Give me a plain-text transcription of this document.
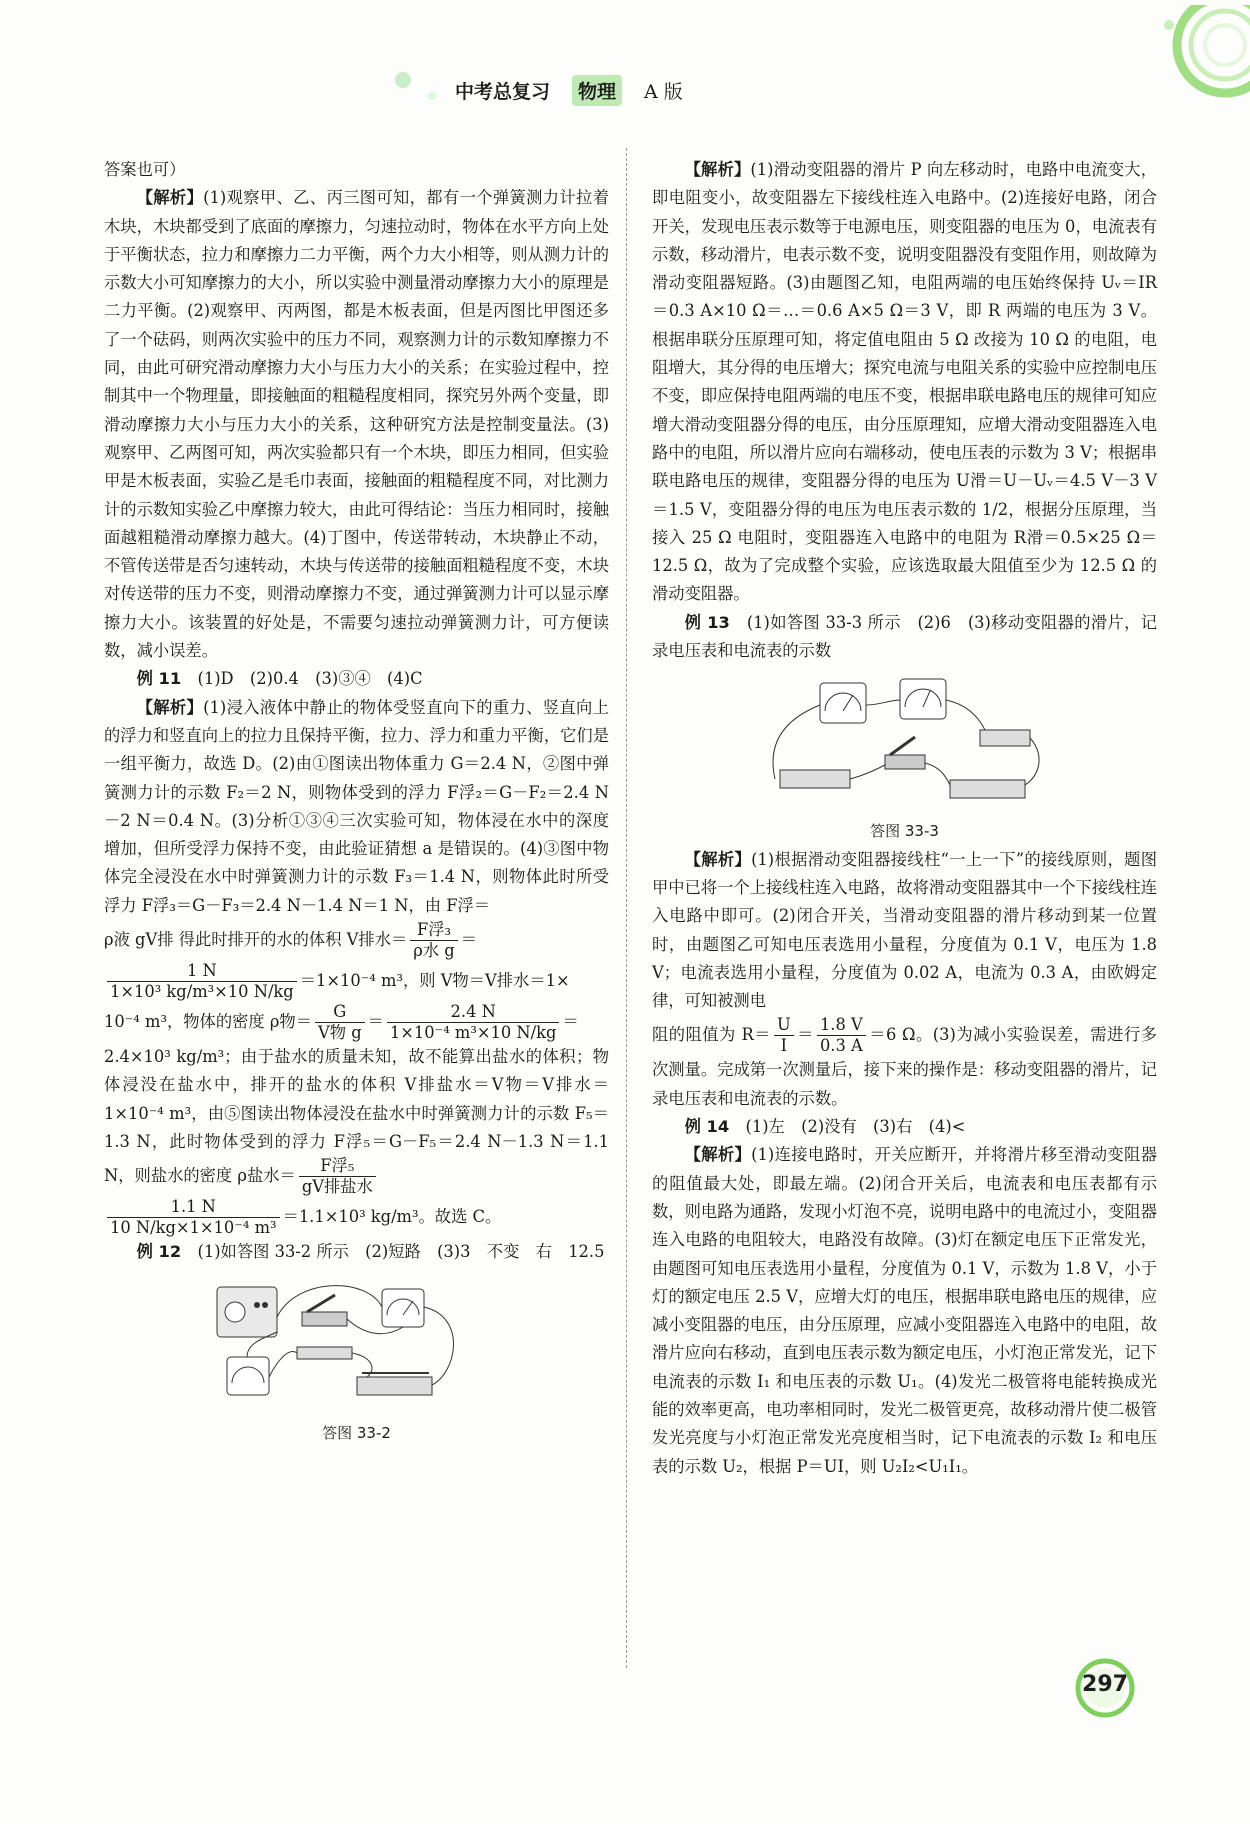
中考总复习	物理	A 版

答案也可）

【解析】(1)观察甲、乙、丙三图可知，都有一个弹簧测力计拉着木块，木块都受到了底面的摩擦力，匀速拉动时，物体在水平方向上处于平衡状态，拉力和摩擦力二力平衡，两个力大小相等，则从测力计的示数大小可知摩擦力的大小，所以实验中测量滑动摩擦力大小的原理是二力平衡。(2)观察甲、丙两图，都是木板表面，但是丙图比甲图还多了一个砝码，则两次实验中的压力不同，观察测力计的示数知摩擦力不同，由此可研究滑动摩擦力大小与压力大小的关系；在实验过程中，控制其中一个物理量，即接触面的粗糙程度相同，探究另外两个变量，即滑动摩擦力大小与压力大小的关系，这种研究方法是控制变量法。(3)观察甲、乙两图可知，两次实验都只有一个木块，即压力相同，但实验甲是木板表面，实验乙是毛巾表面，接触面的粗糙程度不同，对比测力计的示数知实验乙中摩擦力较大，由此可得结论：当压力相同时，接触面越粗糙滑动摩擦力越大。(4)丁图中，传送带转动，木块静止不动，不管传送带是否匀速转动，木块与传送带的接触面粗糙程度不变，木块对传送带的压力不变，则滑动摩擦力不变，通过弹簧测力计可以显示摩擦力大小。该装置的好处是，不需要匀速拉动弹簧测力计，可方便读数，减小误差。

例 11　 (1)D　(2)0.4　(3)③④　(4)C

【解析】(1)浸入液体中静止的物体受竖直向下的重力、竖直向上的浮力和竖直向上的拉力且保持平衡，拉力、浮力和重力平衡，它们是一组平衡力，故选 D。(2)由①图读出物体重力 G＝2.4 N，②图中弹簧测力计的示数 F₂＝2 N，则物体受到的浮力 F浮₂＝G－F₂＝2.4 N－2 N＝0.4 N。(3)分析①③④三次实验可知，物体浸在水中的深度增加，但所受浮力保持不变，由此验证猜想 a 是错误的。(4)③图中物体完全浸没在水中时弹簧测力计的示数 F₃＝1.4 N，则物体此时所受浮力 F浮₃＝G－F₃＝2.4 N－1.4 N＝1 N，由 F浮＝

ρ液 gV排 得此时排开的水的体积 V排水＝ $\frac{\text{F浮₃}}{\text{ρ水 g}}$ ＝

$\frac{1 N}{\text{1×10³ kg/m³×10 N/kg}} =1\times 10^{-4}$ m³，则 V物＝V排水＝1×

10⁻⁴ m³，物体的密度 ρ物＝ $\frac{G}{\text{V物 g}} = \frac{2.4 N}{\text{1×10⁻⁴ m³×10 N/kg}}$ ＝

2.4×10³ kg/m³；由于盐水的质量未知，故不能算出盐水的体积；物体浸没在盐水中，排开的盐水的体积 V排盐水＝V物＝V排水＝1×10⁻⁴ m³，由⑤图读出物体浸没在盐水中时弹簧测力计的示数 F₅＝1.3 N，此时物体受到的浮力 F浮₅＝G－F₅＝2.4 N－1.3 N＝1.1 N，则盐水的密度 ρ盐水＝ $\frac{\text{F浮₅}}{\text{gV排盐水}}$

$\frac{1.1 N}{\text{10 N/kg×1×10⁻⁴ m³}} =1.1\times 10^3$ kg/m³。故选 C。

例 12　 (1)如答图 33-2 所示　(2)短路　(3)3　不变　右　12.5

答图 33-2

【解析】(1)滑动变阻器的滑片 P 向左移动时，电路中电流变大，即电阻变小，故变阻器左下接线柱连入电路中。(2)连接好电路，闭合开关，发现电压表示数等于电源电压，则变阻器的电压为 0，电流表有示数，移动滑片，电表示数不变，说明变阻器没有变阻作用，则故障为滑动变阻器短路。(3)由题图乙知，电阻两端的电压始终保持 Uᵥ＝IR＝0.3 A×10 Ω＝…＝0.6 A×5 Ω＝3 V，即 R 两端的电压为 3 V。根据串联分压原理可知，将定值电阻由 5 Ω 改接为 10 Ω 的电阻，电阻增大，其分得的电压增大；探究电流与电阻关系的实验中应控制电压不变，即应保持电阻两端的电压不变，根据串联电路电压的规律可知应增大滑动变阻器分得的电压，由分压原理知，应增大滑动变阻器连入电路中的电阻，所以滑片应向右端移动，使电压表的示数为 3 V；根据串联电路电压的规律，变阻器分得的电压为 U滑＝U－Uᵥ＝4.5 V－3 V＝1.5 V，变阻器分得的电压为电压表示数的 1/2，根据分压原理，当接入 25 Ω 电阻时，变阻器连入电路中的电阻为 R滑＝0.5×25 Ω＝12.5 Ω，故为了完成整个实验，应该选取最大阻值至少为 12.5 Ω 的滑动变阻器。

例 13　 (1)如答图 33-3 所示　(2)6　(3)移动变阻器的滑片，记录电压表和电流表的示数

答图 33-3

【解析】(1)根据滑动变阻器接线柱“一上一下”的接线原则，题图甲中已将一个上接线柱连入电路，故将滑动变阻器其中一个下接线柱连入电路中即可。(2)闭合开关，当滑动变阻器的滑片移动到某一位置时，由题图乙可知电压表选用小量程，分度值为 0.1 V，电压为 1.8 V；电流表选用小量程，分度值为 0.02 A，电流为 0.3 A，由欧姆定律，可知被测电

阻的阻值为 $R= \frac{U}{I} = \frac{1.8 V}{0.3 A} =6$ Ω。(3)为减小实验误差，需进行多次测量。完成第一次测量后，接下来的操作是：移动变阻器的滑片，记录电压表和电流表的示数。

例 14　 (1)左　(2)没有　(3)右　(4)<

【解析】(1)连接电路时，开关应断开，并将滑片移至滑动变阻器的阻值最大处，即最左端。(2)闭合开关后，电流表和电压表都有示数，则电路为通路，发现小灯泡不亮，说明电路中的电流过小，变阻器连入电路的电阻较大，电路没有故障。(3)灯在额定电压下正常发光，由题图可知电压表选用小量程，分度值为 0.1 V，示数为 1.8 V，小于灯的额定电压 2.5 V，应增大灯的电压，根据串联电路电压的规律，应减小变阻器的电压，由分压原理，应减小变阻器连入电路中的电阻，故滑片应向右移动，直到电压表示数为额定电压，小灯泡正常发光，记下电流表的示数 I₁ 和电压表的示数 U₁。(4)发光二极管将电能转换成光能的效率更高，电功率相同时，发光二极管更亮，故移动滑片使二极管发光亮度与小灯泡正常发光亮度相当时，记下电流表的示数 I₂ 和电压表的示数 U₂，根据 P＝UI，则 U₂I₂<U₁I₁。

297
